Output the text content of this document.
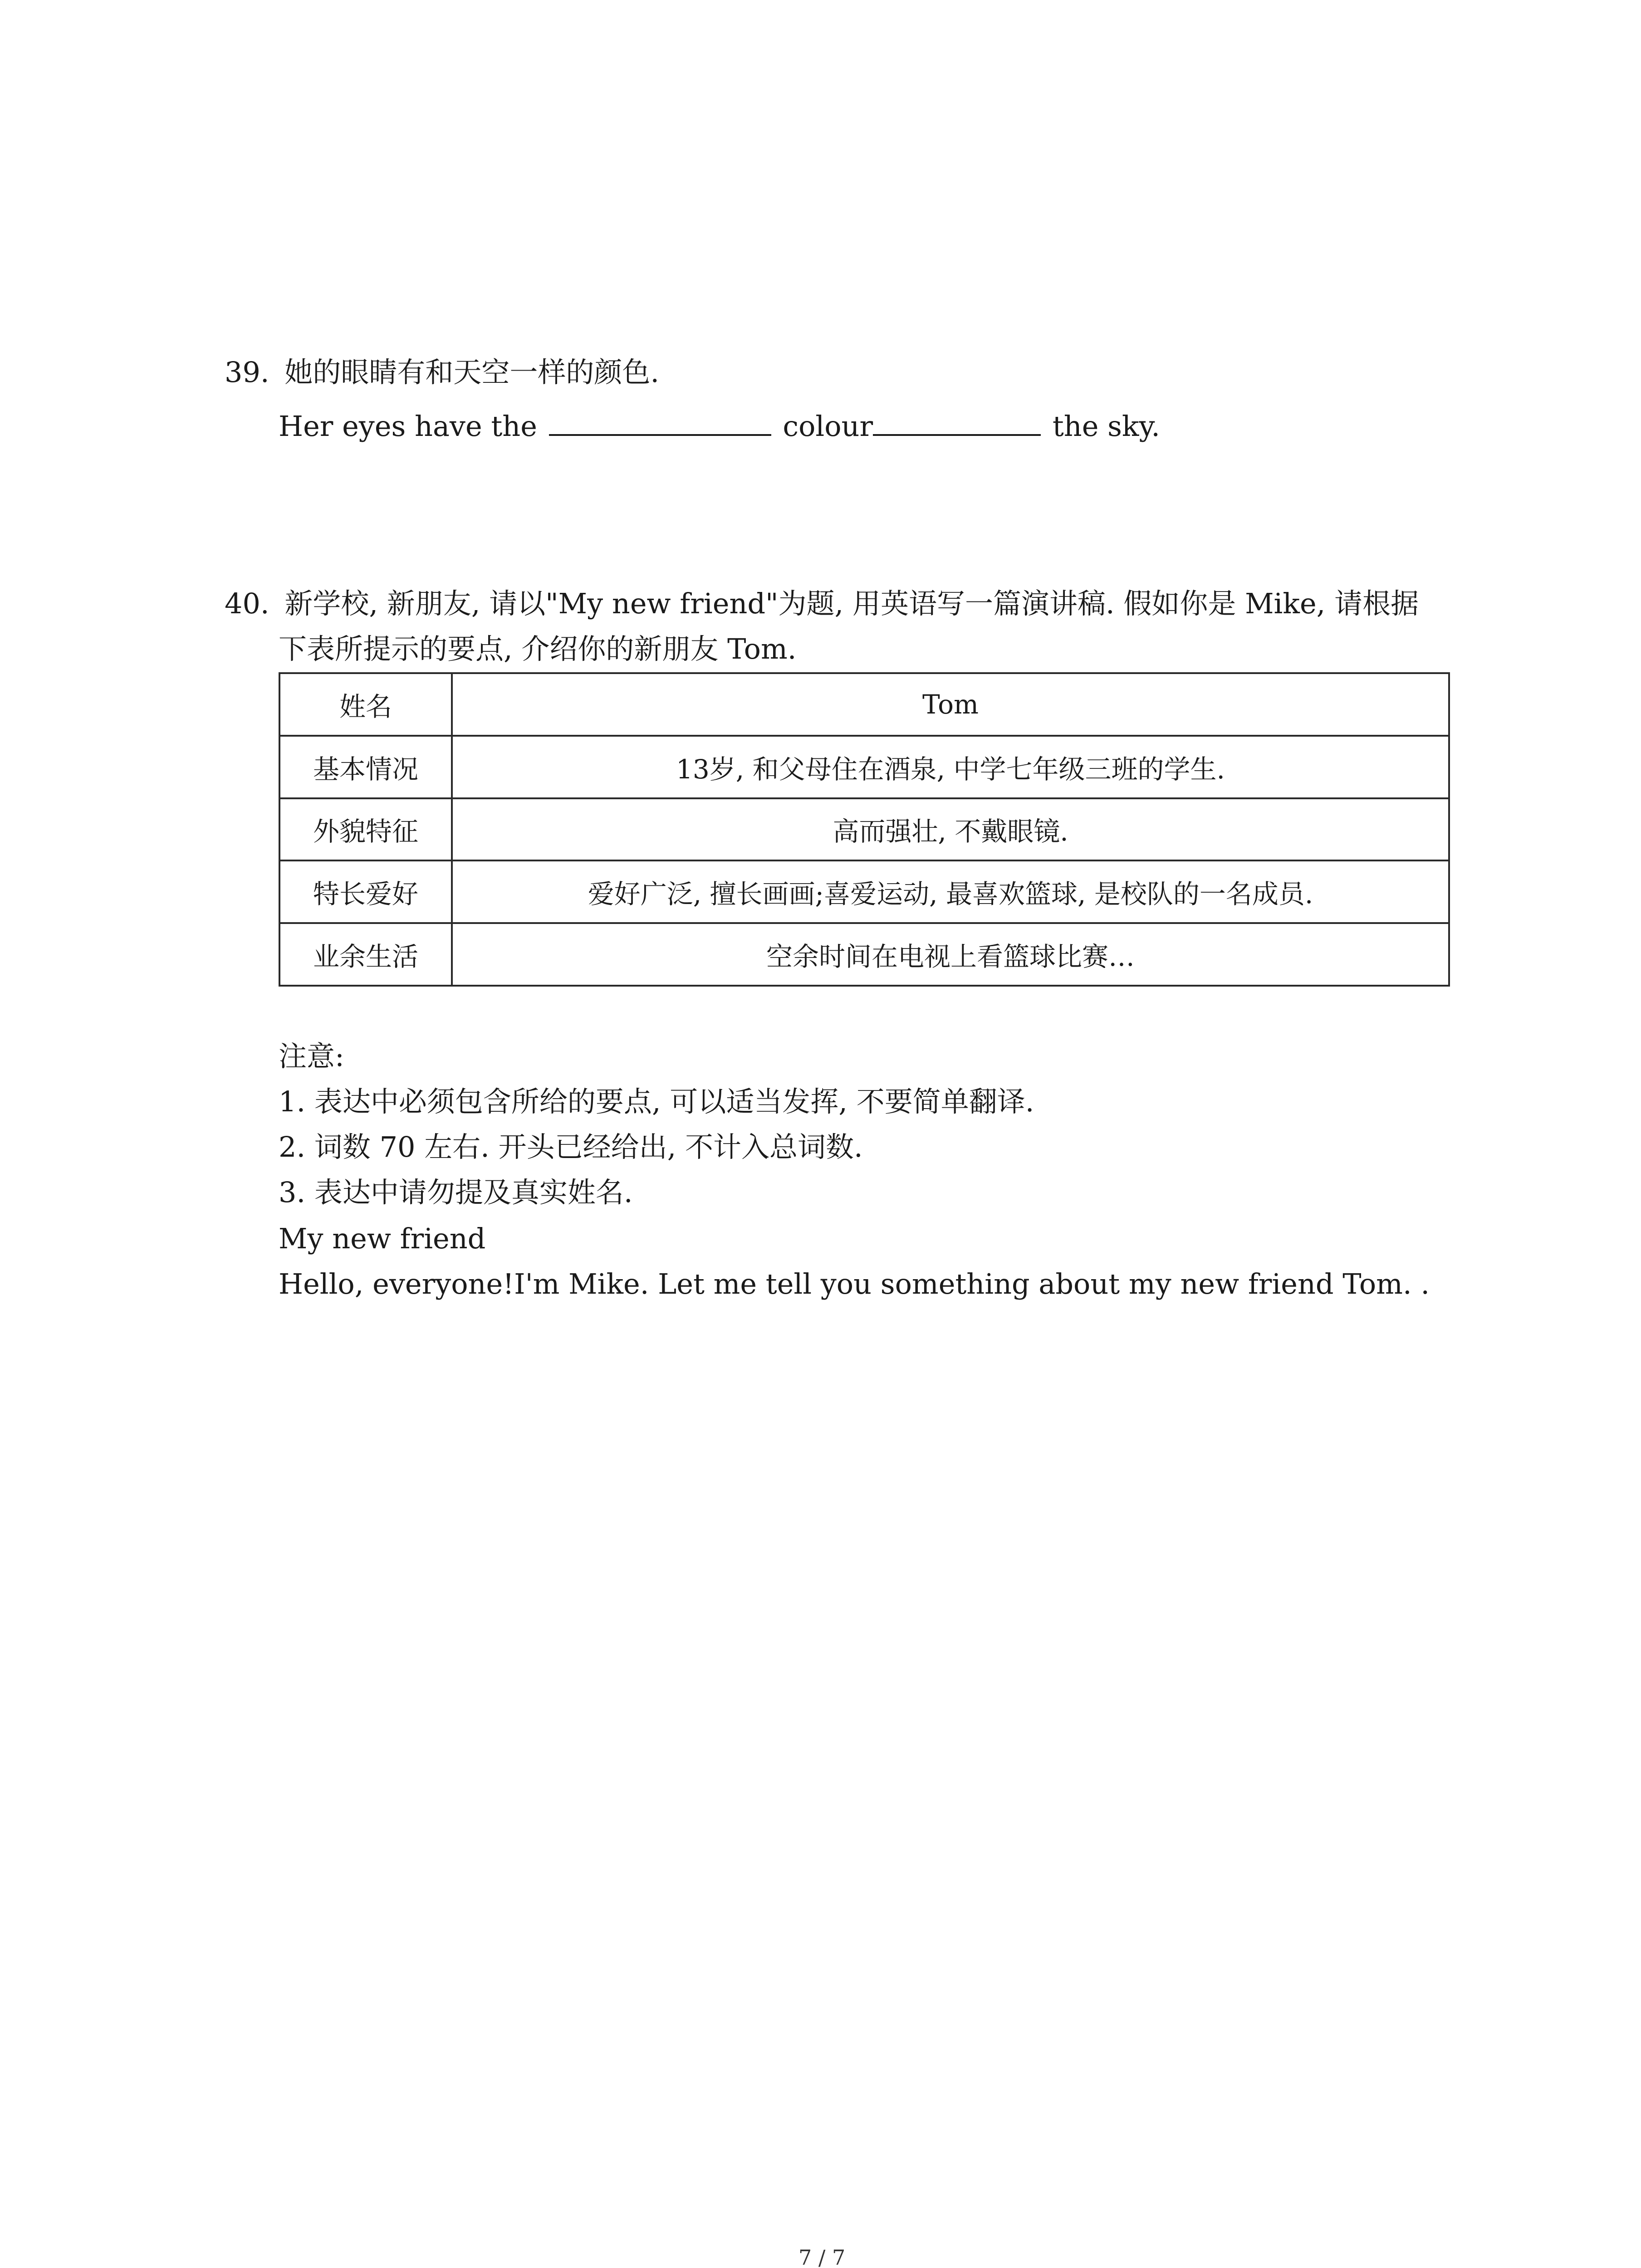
39. 她的眼睛有和天空一样的颜色.
Her eyes have the	colour	the sky.
40. 新学校, 新朋友, 请以"My new friend"为题, 用英语写一篇演讲稿. 假如你是 Mike, 请根据
下表所提示的要点, 介绍你的新朋友 Tom.
姓名	Tom
基本情况	13岁, 和父母住在酒泉, 中学七年级三班的学生.
外貌特征	高而强壮, 不戴眼镜.
特长爱好	爱好广泛, 擅长画画;喜爱运动, 最喜欢篮球, 是校队的一名成员.
业余生活	空余时间在电视上看篮球比赛…
注意:
1. 表达中必须包含所给的要点, 可以适当发挥, 不要简单翻译.
2. 词数 70 左右. 开头已经给出, 不计入总词数.
3. 表达中请勿提及真实姓名.
My new friend
Hello, everyone!I'm Mike. Let me tell you something about my new friend Tom. .
7 / 7
